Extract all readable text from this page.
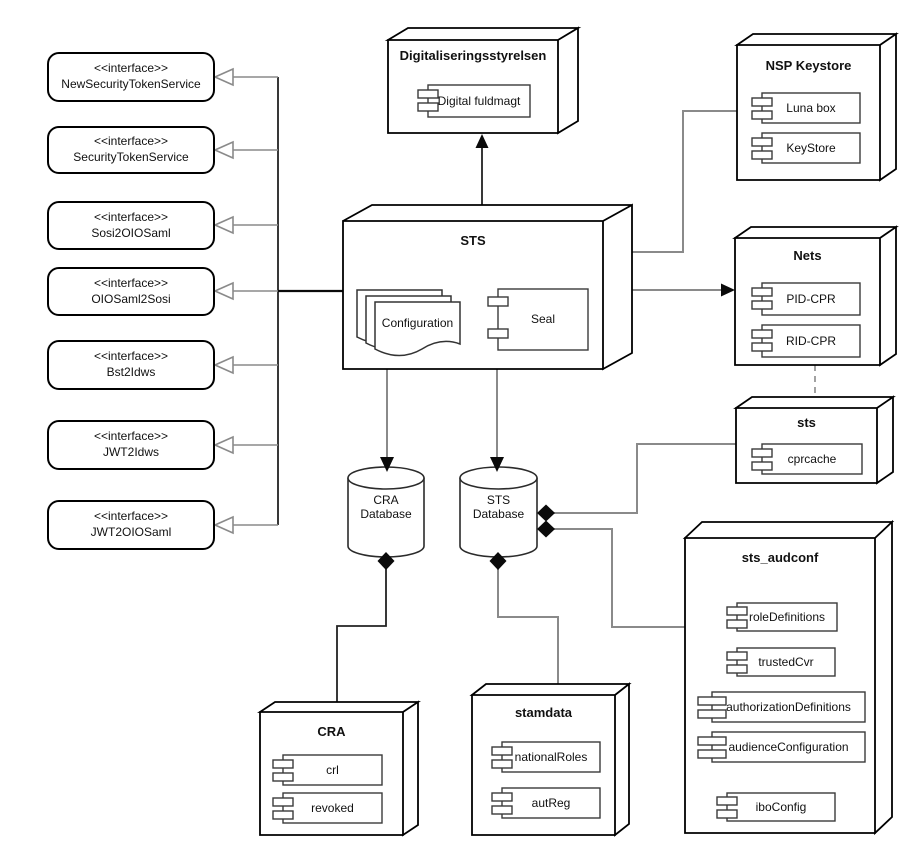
<<interface>>
NewSecurityTokenService
<<interface>>
SecurityTokenService
<<interface>>
Sosi2OIOSaml
<<interface>>
OIOSaml2Sosi
<<interface>>
Bst2Idws
<<interface>>
JWT2Idws
<<interface>>
JWT2OIOSaml
Digitaliseringsstyrelsen
NSP Keystore
STS
Nets
sts
CRA
stamdata
sts_audconf
Digital fuldmagt	Luna box
KeyStore
Configuration	Seal
PID-CPR
RID-CPR
cprcache
crl
revoked
nationalRoles
autReg
roleDefinitions
trustedCvr
authorizationDefinitions
audienceConfiguration
iboConfig
CRA
Database
STS
Database
